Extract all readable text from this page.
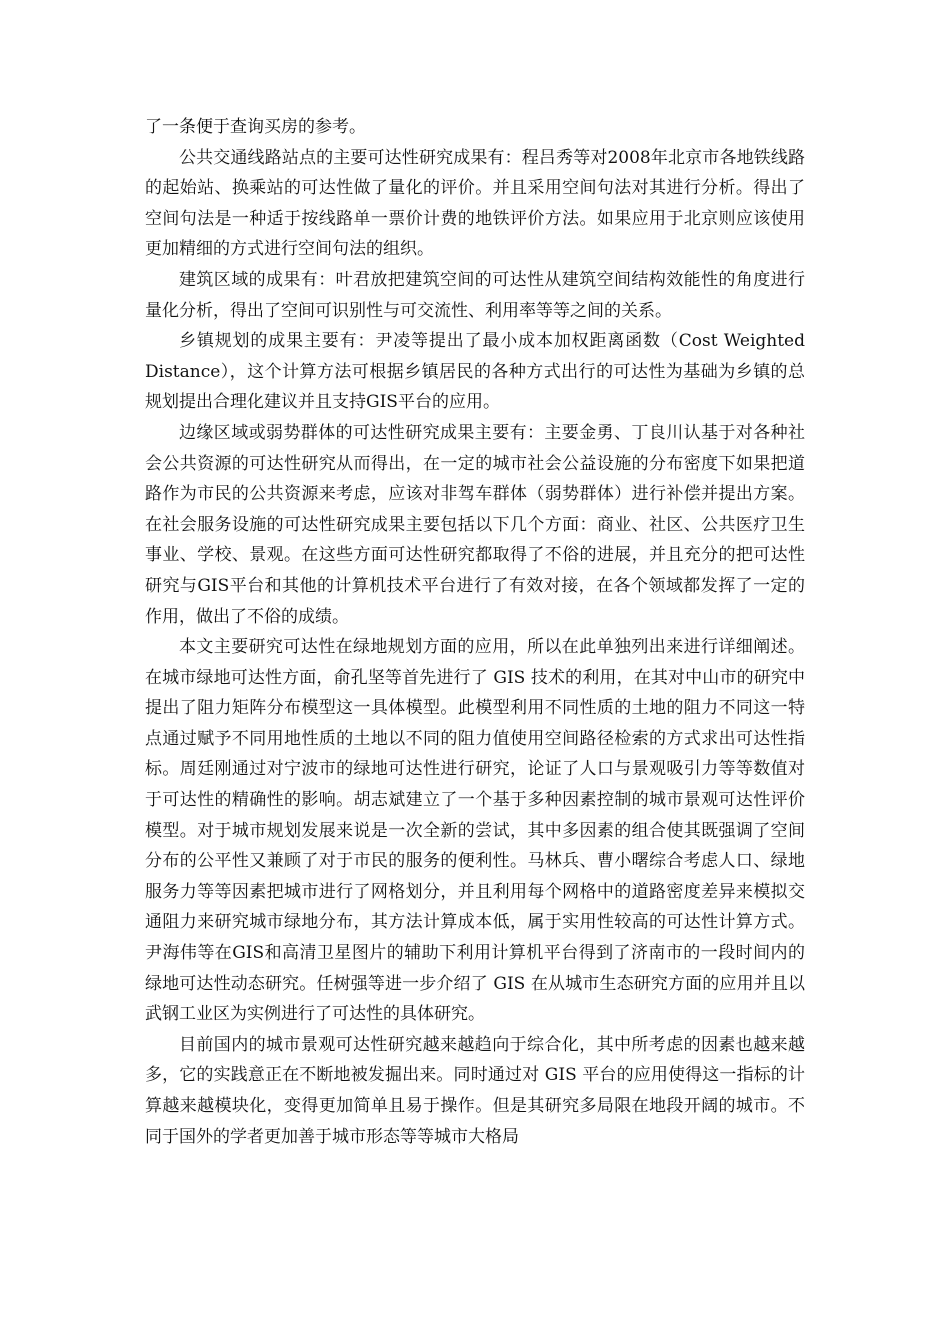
了一条便于查询买房的参考。

公共交通线路站点的主要可达性研究成果有：程吕秀等对2008年北京市各地铁线路的起始站、换乘站的可达性做了量化的评价。并且采用空间句法对其进行分析。得出了空间句法是一种适于按线路单一票价计费的地铁评价方法。如果应用于北京则应该使用更加精细的方式进行空间句法的组织。

建筑区域的成果有：叶君放把建筑空间的可达性从建筑空间结构效能性的角度进行量化分析，得出了空间可识别性与可交流性、利用率等等之间的关系。

乡镇规划的成果主要有：尹凌等提出了最小成本加权距离函数（Cost Weighted Distance），这个计算方法可根据乡镇居民的各种方式出行的可达性为基础为乡镇的总规划提出合理化建议并且支持GIS平台的应用。

边缘区域或弱势群体的可达性研究成果主要有：主要金勇、丁良川认基于对各种社会公共资源的可达性研究从而得出，在一定的城市社会公益设施的分布密度下如果把道路作为市民的公共资源来考虑，应该对非驾车群体（弱势群体）进行补偿并提出方案。在社会服务设施的可达性研究成果主要包括以下几个方面：商业、社区、公共医疗卫生事业、学校、景观。在这些方面可达性研究都取得了不俗的进展，并且充分的把可达性研究与GIS平台和其他的计算机技术平台进行了有效对接，在各个领域都发挥了一定的作用，做出了不俗的成绩。

本文主要研究可达性在绿地规划方面的应用，所以在此单独列出来进行详细阐述。在城市绿地可达性方面，俞孔坚等首先进行了 GIS 技术的利用，在其对中山市的研究中提出了阻力矩阵分布模型这一具体模型。此模型利用不同性质的土地的阻力不同这一特点通过赋予不同用地性质的土地以不同的阻力值使用空间路径检索的方式求出可达性指标。周廷刚通过对宁波市的绿地可达性进行研究，论证了人口与景观吸引力等等数值对于可达性的精确性的影响。胡志斌建立了一个基于多种因素控制的城市景观可达性评价模型。对于城市规划发展来说是一次全新的尝试，其中多因素的组合使其既强调了空间分布的公平性又兼顾了对于市民的服务的便利性。马林兵、曹小曙综合考虑人口、绿地服务力等等因素把城市进行了网格划分，并且利用每个网格中的道路密度差异来模拟交通阻力来研究城市绿地分布，其方法计算成本低，属于实用性较高的可达性计算方式。尹海伟等在GIS和高清卫星图片的辅助下利用计算机平台得到了济南市的一段时间内的绿地可达性动态研究。任树强等进一步介绍了 GIS 在从城市生态研究方面的应用并且以武钢工业区为实例进行了可达性的具体研究。

目前国内的城市景观可达性研究越来越趋向于综合化，其中所考虑的因素也越来越多，它的实践意正在不断地被发掘出来。同时通过对 GIS 平台的应用使得这一指标的计算越来越模块化，变得更加简单且易于操作。但是其研究多局限在地段开阔的城市。不同于国外的学者更加善于城市形态等等城市大格局
